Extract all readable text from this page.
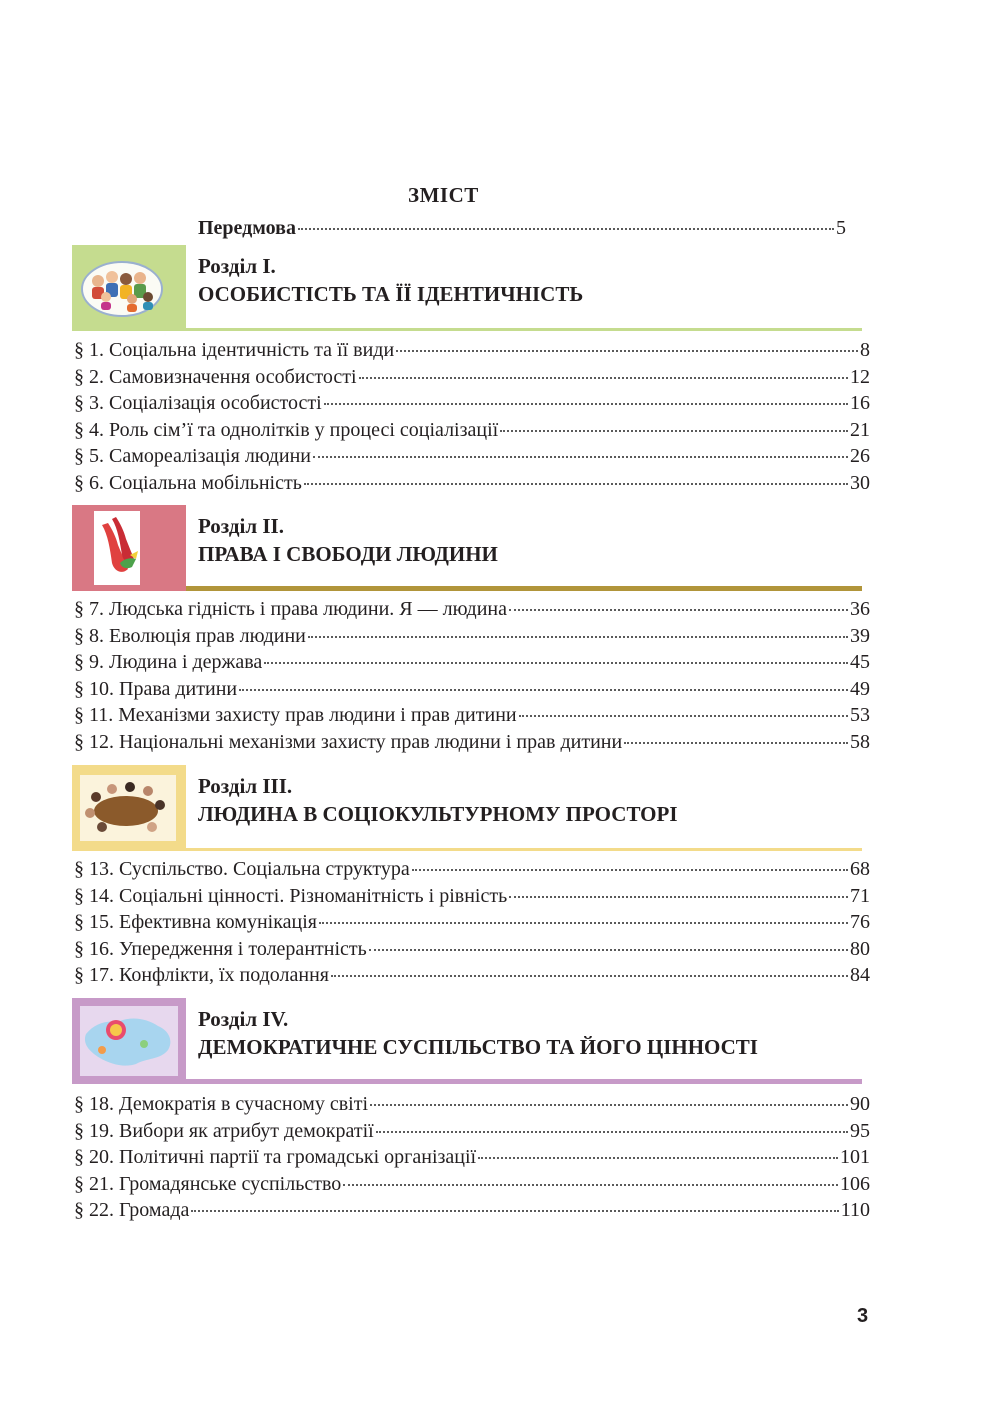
ЗМІСТ
Передмова	5
Розділ І.
ОСОБИСТІСТЬ ТА ЇЇ ІДЕНТИЧНІСТЬ
§ 1. Соціальна ідентичність та її види	8
§ 2. Самовизначення особистості	12
§ 3. Соціалізація особистості	16
§ 4. Роль сім’ї та однолітків у процесі соціалізації	21
§ 5. Самореалізація людини	26
§ 6. Соціальна мобільність	30
Розділ ІІ.
ПРАВА І СВОБОДИ ЛЮДИНИ
§ 7. Людська гідність і права людини. Я — людина	36
§ 8. Еволюція прав людини	39
§ 9. Людина і держава	45
§ 10. Права дитини	49
§ 11. Механізми захисту прав людини і прав дитини	53
§ 12. Національні механізми захисту прав людини і прав дитини	58
Розділ ІІІ.
ЛЮДИНА В СОЦІОКУЛЬТУРНОМУ ПРОСТОРІ
§ 13. Суспільство. Соціальна структура	68
§ 14. Соціальні цінності. Різноманітність і рівність	71
§ 15. Ефективна комунікація	76
§ 16. Упередження і толерантність	80
§ 17. Конфлікти, їх подолання	84
Розділ IV.
ДЕМОКРАТИЧНЕ СУСПІЛЬСТВО ТА ЙОГО ЦІННОСТІ
§ 18. Демократія в сучасному світі	90
§ 19. Вибори як атрибут демократії	95
§ 20. Політичні партії та громадські організації	101
§ 21. Громадянське суспільство	106
§ 22. Громада	110
3
